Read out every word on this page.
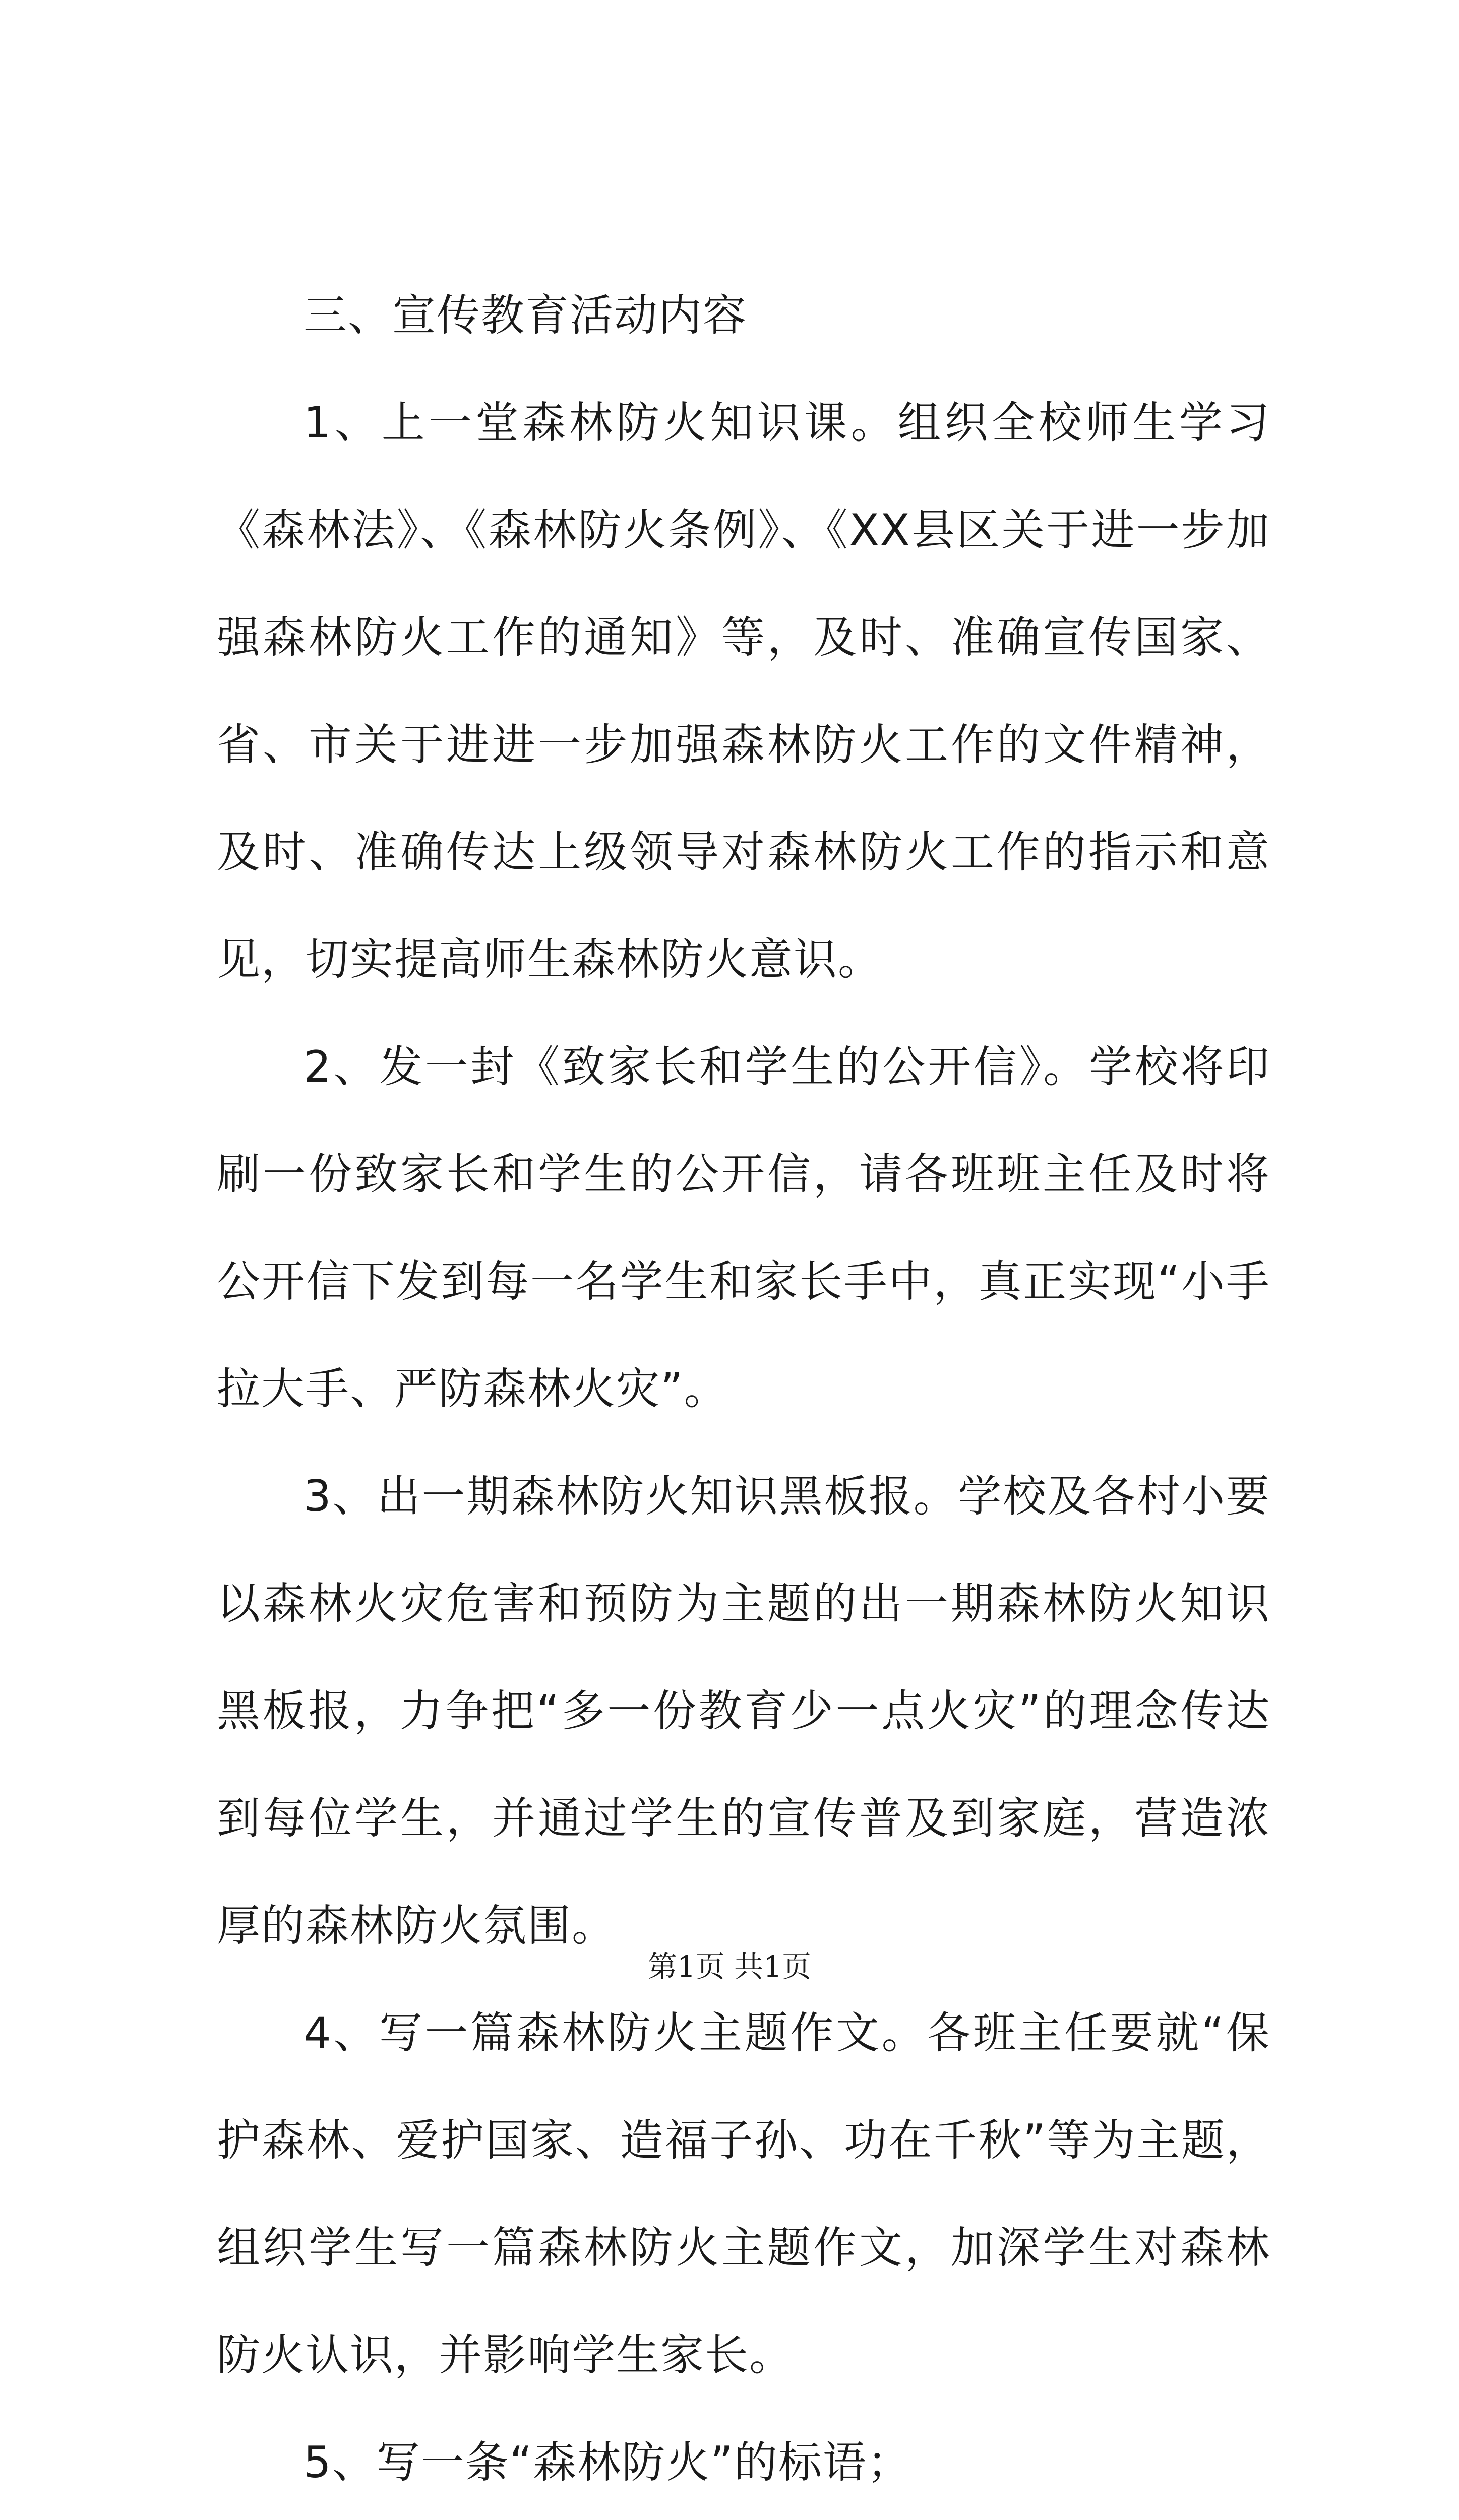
三、宣传教育活动内容

1、上一堂森林防火知识课。组织全校师生学习《森林法》、《森林防火条例》、《XX县区关于进一步加强森林防火工作的通知》等，及时、准确宣传国家、省、市关于进进一步加强森林防火工作的文件精神，及时、准确传达上级领导对森林防火工作的指示和意见，切实提高师生森林防火意识。

2、发一封《致家长和学生的公开信》。学校将印刷一份致家长和学生的公开信，请各班班主任及时将公开信下发到每一名学生和家长手中，真正实现“小手拉大手、严防森林火灾”。

3、出一期森林防火知识黑板报。学校及各村小要以森林火灾危害和预防为主题的出一期森林防火知识黑板报，力争把“多一份教育少一点火灾”的理念传达到每位学生，并通过学生的宣传普及到家庭，营造浓厚的森林防火氛围。

4、写一篇森林防火主题作文。各班主任要就“保护森林、爱护国家、造福子孙、功在千秋”等为主题，组织学生写一篇森林防火主题作文，加深学生对森林防火认识，并影响学生家长。

5、写一条“森林防火”的标语；

第1页 共1页
